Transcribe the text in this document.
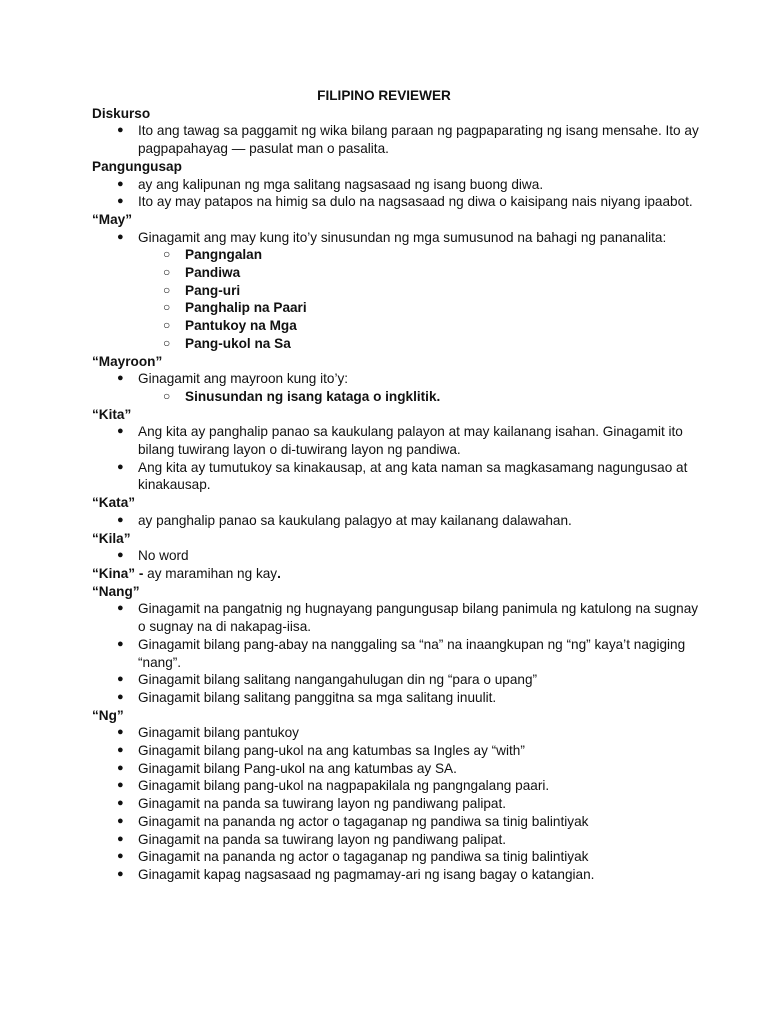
FILIPINO REVIEWER
Diskurso
● Ito ang tawag sa paggamit ng wika bilang paraan ng pagpaparating ng isang mensahe. Ito ay pagpapahayag — pasulat man o pasalita.
Pangungusap
● ay ang kalipunan ng mga salitang nagsasaad ng isang buong diwa.
● Ito ay may patapos na himig sa dulo na nagsasaad ng diwa o kaisipang nais niyang ipaabot.
“May”
● Ginagamit ang may kung ito’y sinusundan ng mga sumusunod na bahagi ng pananalita:
○ Pangngalan
○ Pandiwa
○ Pang-uri
○ Panghalip na Paari
○ Pantukoy na Mga
○ Pang-ukol na Sa
“Mayroon”
● Ginagamit ang mayroon kung ito’y:
○ Sinusundan ng isang kataga o ingklitik.
“Kita”
● Ang kita ay panghalip panao sa kaukulang palayon at may kailanang isahan. Ginagamit ito bilang tuwirang layon o di-tuwirang layon ng pandiwa.
● Ang kita ay tumutukoy sa kinakausap, at ang kata naman sa magkasamang nagungusao at kinakausap.
“Kata”
● ay panghalip panao sa kaukulang palagyo at may kailanang dalawahan.
“Kila”
● No word
“Kina” - ay maramihan ng kay.
“Nang”
● Ginagamit na pangatnig ng hugnayang pangungusap bilang panimula ng katulong na sugnay o sugnay na di nakapag-iisa.
● Ginagamit bilang pang-abay na nanggaling sa “na” na inaangkupan ng “ng” kaya’t nagiging “nang”.
● Ginagamit bilang salitang nangangahulugan din ng “para o upang”
● Ginagamit bilang salitang panggitna sa mga salitang inuulit.
“Ng”
● Ginagamit bilang pantukoy
● Ginagamit bilang pang-ukol na ang katumbas sa Ingles ay “with”
● Ginagamit bilang Pang-ukol na ang katumbas ay SA.
● Ginagamit bilang pang-ukol na nagpapakilala ng pangngalang paari.
● Ginagamit na panda sa tuwirang layon ng pandiwang palipat.
● Ginagamit na pananda ng actor o tagaganap ng pandiwa sa tinig balintiyak
● Ginagamit na panda sa tuwirang layon ng pandiwang palipat.
● Ginagamit na pananda ng actor o tagaganap ng pandiwa sa tinig balintiyak
● Ginagamit kapag nagsasaad ng pagmamay-ari ng isang bagay o katangian.
